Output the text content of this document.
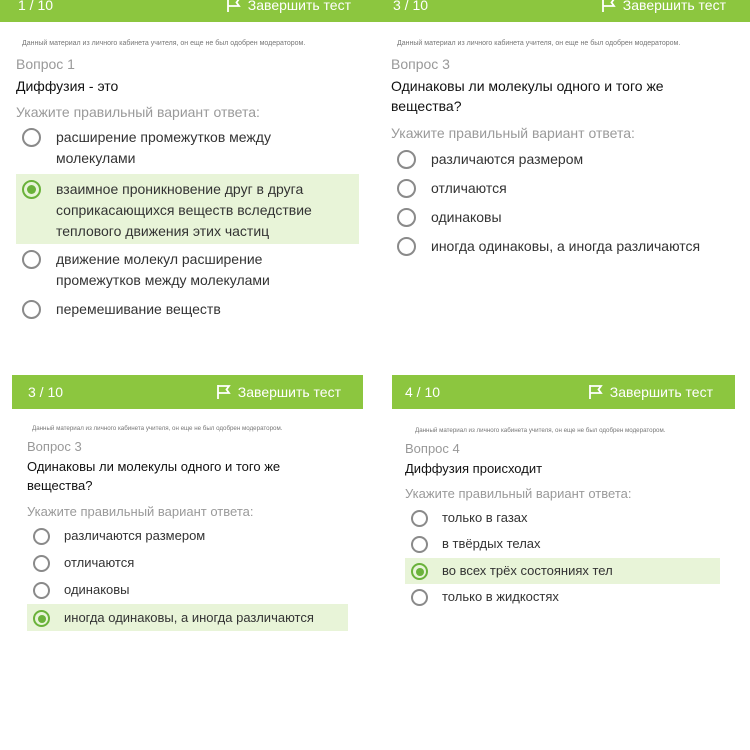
1 / 10	Завершить тест
Данный материал из личного кабинета учителя, он еще не был одобрен модератором.
Вопрос 1
Диффузия - это
Укажите правильный вариант ответа:
расширение промежутков между молекулами
взаимное проникновение друг в друга соприкасающихся веществ вследствие теплового движения этих частиц
движение молекул расширение промежутков между молекулами
перемешивание веществ
3 / 10	Завершить тест
Данный материал из личного кабинета учителя, он еще не был одобрен модератором.
Вопрос 3
Одинаковы ли молекулы одного и того же вещества?
Укажите правильный вариант ответа:
различаются размером
отличаются
одинаковы
иногда одинаковы, а иногда различаются
3 / 10	Завершить тест
Данный материал из личного кабинета учителя, он еще не был одобрен модератором.
Вопрос 3
Одинаковы ли молекулы одного и того же вещества?
Укажите правильный вариант ответа:
различаются размером
отличаются
одинаковы
иногда одинаковы, а иногда различаются
4 / 10	Завершить тест
Данный материал из личного кабинета учителя, он еще не был одобрен модератором.
Вопрос 4
Диффузия происходит
Укажите правильный вариант ответа:
только в газах
в твёрдых телах
во всех трёх состояниях тел
только в жидкостях
